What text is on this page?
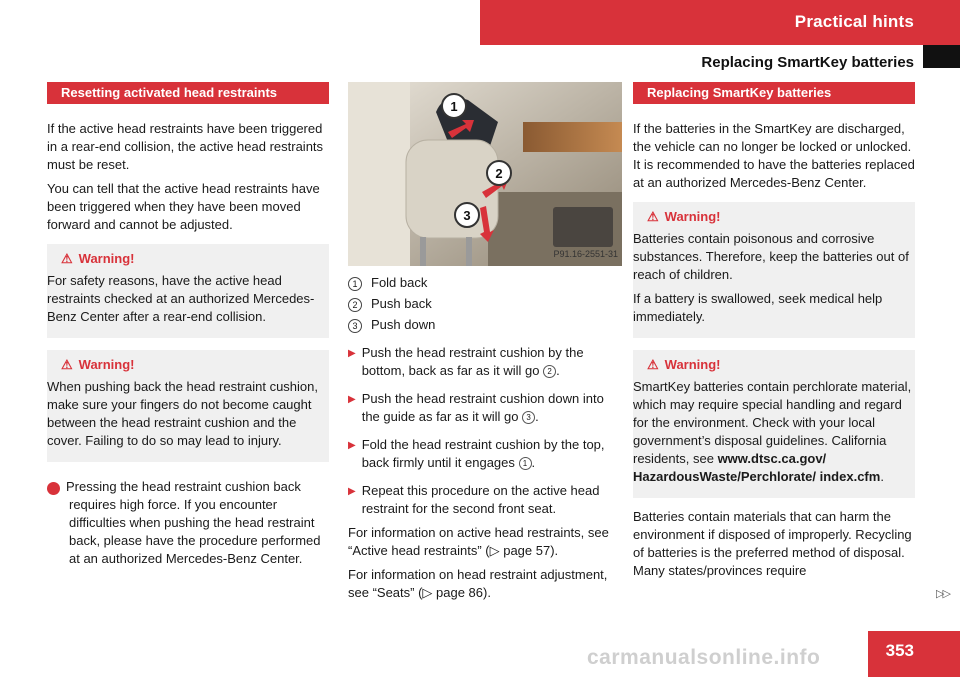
Practical hints
Replacing SmartKey batteries
Resetting activated head restraints

If the active head restraints have been triggered in a rear-end collision, the active head restraints must be reset.

You can tell that the active head restraints have been triggered when they have been moved forward and cannot be adjusted.

⚠ Warning!

For safety reasons, have the active head restraints checked at an authorized Mercedes-Benz Center after a rear-end collision.

⚠ Warning!

When pushing back the head restraint cushion, make sure your fingers do not become caught between the head restraint cushion and the cover. Failing to do so may lead to injury.

i Pressing the head restraint cushion back requires high force. If you encounter difficulties when pushing the head restraint back, please have the procedure performed at an authorized Mercedes-Benz Center.
1
2
3
P91.16-2551-31
1	Fold back
2	Push back
3	Push down
▶ Push the head restraint cushion by the bottom, back as far as it will go 2 .
▶ Push the head restraint cushion down into the guide as far as it will go 3 .
▶ Fold the head restraint cushion by the top, back firmly until it engages 1 .
▶ Repeat this procedure on the active head restraint for the second front seat.

For information on active head restraints, see “Active head restraints” (▷ page 57).

For information on head restraint adjustment, see “Seats” (▷ page 86).

Replacing SmartKey batteries

If the batteries in the SmartKey are discharged, the vehicle can no longer be locked or unlocked. It is recommended to have the batteries replaced at an authorized Mercedes-Benz Center.

⚠ Warning!

Batteries contain poisonous and corrosive substances. Therefore, keep the batteries out of reach of children.

If a battery is swallowed, seek medical help immediately.

⚠ Warning!

SmartKey batteries contain perchlorate material, which may require special handling and regard for the environment. Check with your local government’s disposal guidelines. California residents, see www.dtsc.ca.gov/ HazardousWaste/Perchlorate/ index.cfm.

Batteries contain materials that can harm the environment if disposed of improperly. Recycling of batteries is the preferred method of disposal. Many states/provinces require

▷▷
carmanualsonline.info	353
